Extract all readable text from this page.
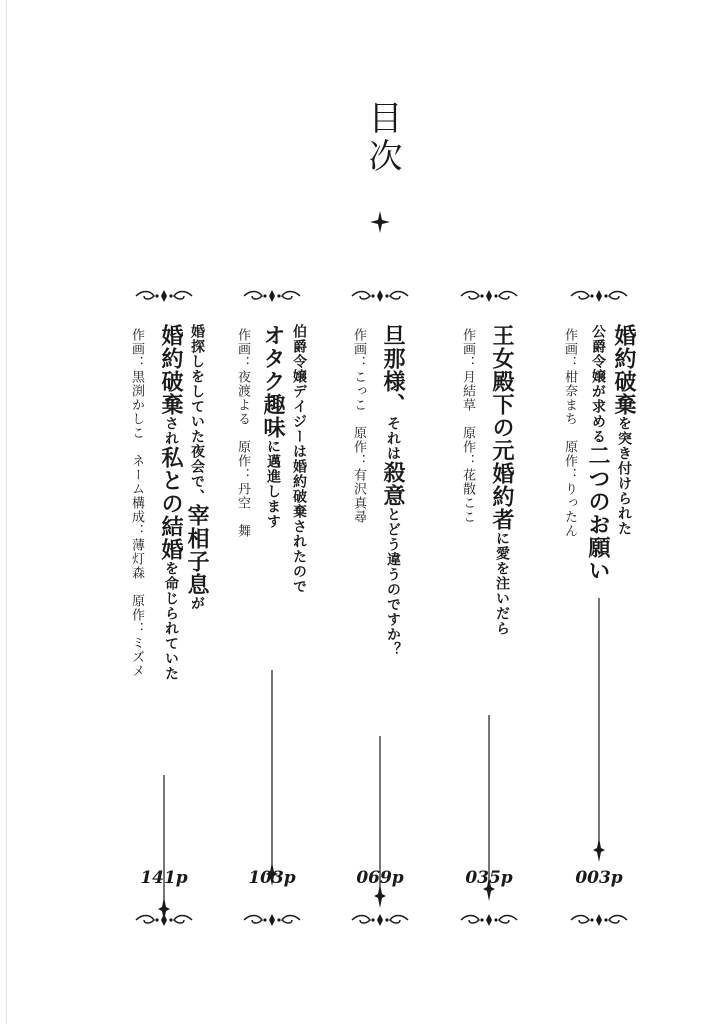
目次
婚約破棄を突き付けられた
公爵令嬢が求める二つのお願い
作画：柑奈まち　原作：りったん
003p
王女殿下の元婚約者に愛を注いだら
作画：月結草　原作：花散ここ
035p
旦那様、それは殺意とどう違うのですか？
作画：こっこ　原作：有沢真尋
069p
伯爵令嬢デイジーは婚約破棄されたので
オタク趣味に邁進します
作画：夜渡よる　原作：丹空　舞
103p
婚探しをしていた夜会で、宰相子息が
婚約破棄され私との結婚を命じられていた
作画：黒渕かしこ　ネーム構成：薄灯森　原作：ミズメ
141p
